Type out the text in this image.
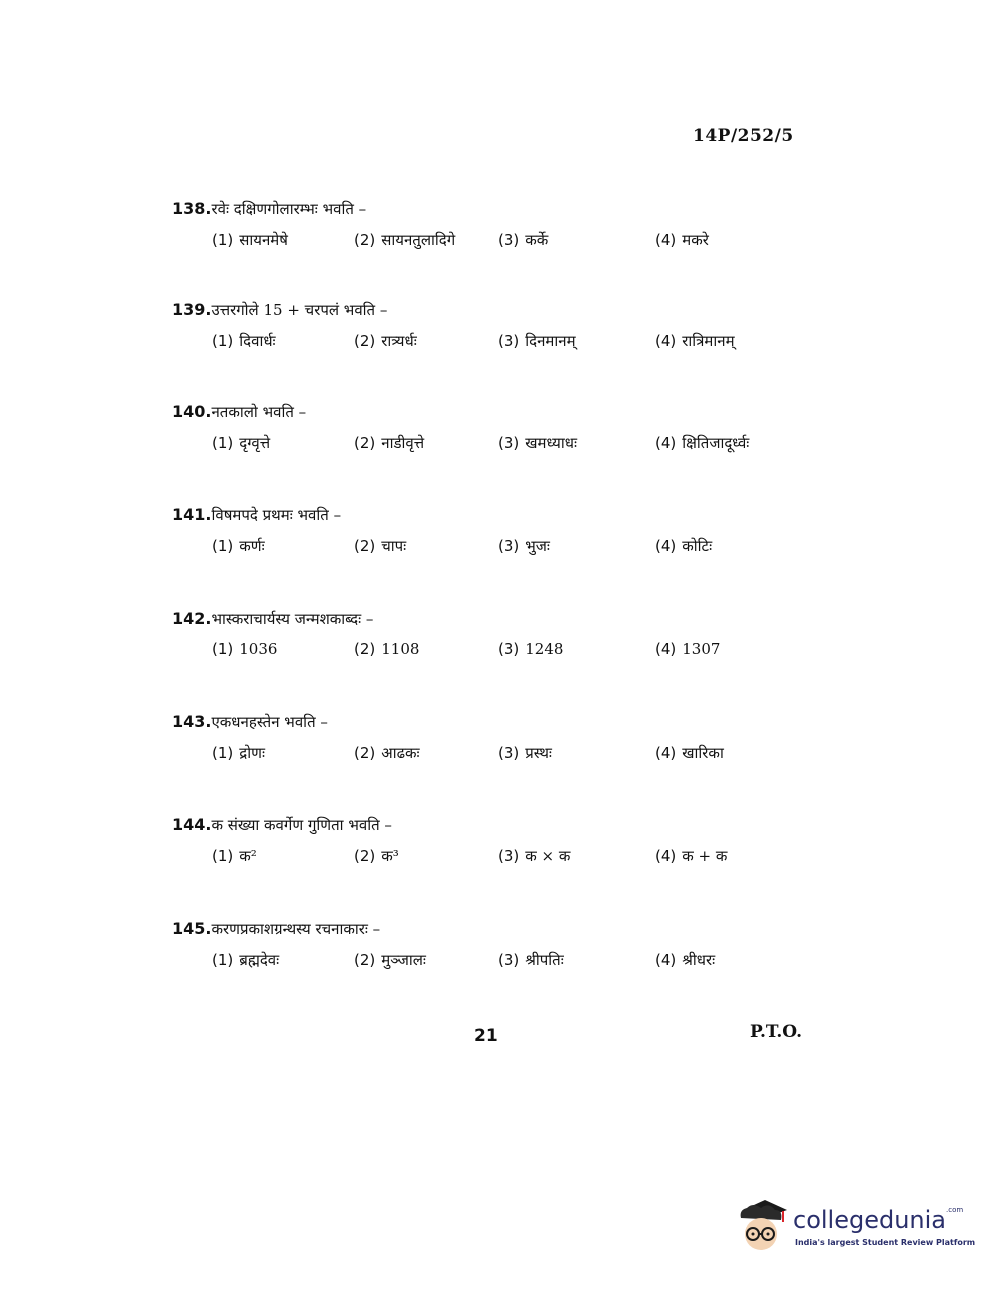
14P/252/5
138.रवेः दक्षिणगोलारम्भः भवति –
(1) सायनमेषे	(2) सायनतुलादिगे	(3) कर्के	(4) मकरे
139.उत्तरगोले 15 + चरपलं भवति –
(1) दिवार्धः	(2) रात्र्यर्धः	(3) दिनमानम्	(4) रात्रिमानम्
140.नतकालो भवति –
(1) दृग्वृत्ते	(2) नाडीवृत्ते	(3) खमध्याधः	(4) क्षितिजादूर्ध्वः
141.विषमपदे प्रथमः भवति –
(1) कर्णः	(2) चापः	(3) भुजः	(4) कोटिः
142.भास्कराचार्यस्य जन्मशकाब्दः –
(1) 1036	(2) 1108	(3) 1248	(4) 1307
143.एकधनहस्तेन भवति –
(1) द्रोणः	(2) आढकः	(3) प्रस्थः	(4) खारिका
144.क संख्या कवर्गेण गुणिता भवति –
(1) क²	(2) क³	(3) क × क	(4) क + क
145.करणप्रकाशग्रन्थस्य रचनाकारः –
(1) ब्रह्मदेवः	(2) मुञ्जालः	(3) श्रीपतिः	(4) श्रीधरः
21	P.T.O.
collegedunia$^{.com}$
India's largest Student Review Platform
